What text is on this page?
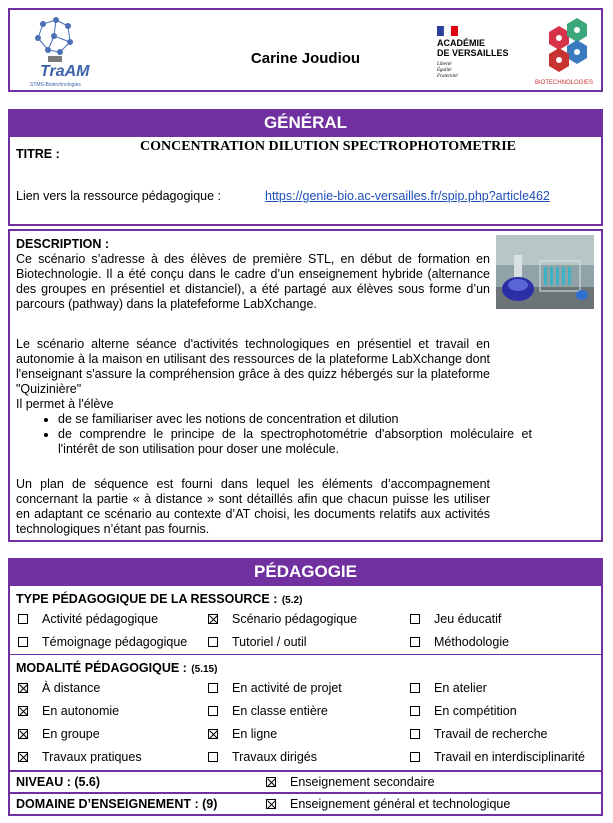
TraAM
STMS-Biotechnologies
Carine Joudiou
ACADÉMIE
DE VERSAILLES
Liberté
Égalité
Fraternité
BIOTECHNOLOGIES
GÉNÉRAL
TITRE :	CONCENTRATION DILUTION SPECTROPHOTOMETRIE
Lien vers la ressource pédagogique :	https://genie-bio.ac-versailles.fr/spip.php?article462
DESCRIPTION :
Ce scénario s’adresse à des élèves de première STL, en début de formation en Biotechnologie. Il a été conçu dans le cadre d’un enseignement hybride (alternance des groupes en présentiel et distanciel), a été partagé aux élèves sous forme d’un parcours (pathway) dans la platefeforme LabXchange.
Le scénario alterne séance d'activités technologiques en présentiel et travail en autonomie à la maison en utilisant des ressources de la plateforme LabXchange dont l'enseignant s'assure la compréhension grâce à des quizz hébergés sur la plateforme "Quizinière"
Il permet à l'élève
• de se familiariser avec les notions de concentration et dilution
• de comprendre le principe de la spectrophotométrie d'absorption moléculaire et l'intérêt de son utilisation pour doser une molécule.
Un plan de séquence est fourni dans lequel les éléments d’accompagnement concernant la partie « à distance » sont détaillés afin que chacun puisse les utiliser en adaptant ce scénario au contexte d’AT choisi, les documents relatifs aux activités technologiques n’étant pas fournis.
PÉDAGOGIE
TYPE PÉDAGOGIQUE DE LA RESSOURCE : (5.2)
Activité pédagogique	Scénario pédagogique	Jeu éducatif
Témoignage pédagogique	Tutoriel / outil	Méthodologie
MODALITÉ PÉDAGOGIQUE : (5.15)
À distance	En activité de projet	En atelier
En autonomie	En classe entière	En compétition
En groupe	En ligne	Travail de recherche
Travaux pratiques	Travaux dirigés	Travail en interdisciplinarité
NIVEAU : (5.6)	Enseignement secondaire
DOMAINE D’ENSEIGNEMENT : (9)	Enseignement général et technologique
